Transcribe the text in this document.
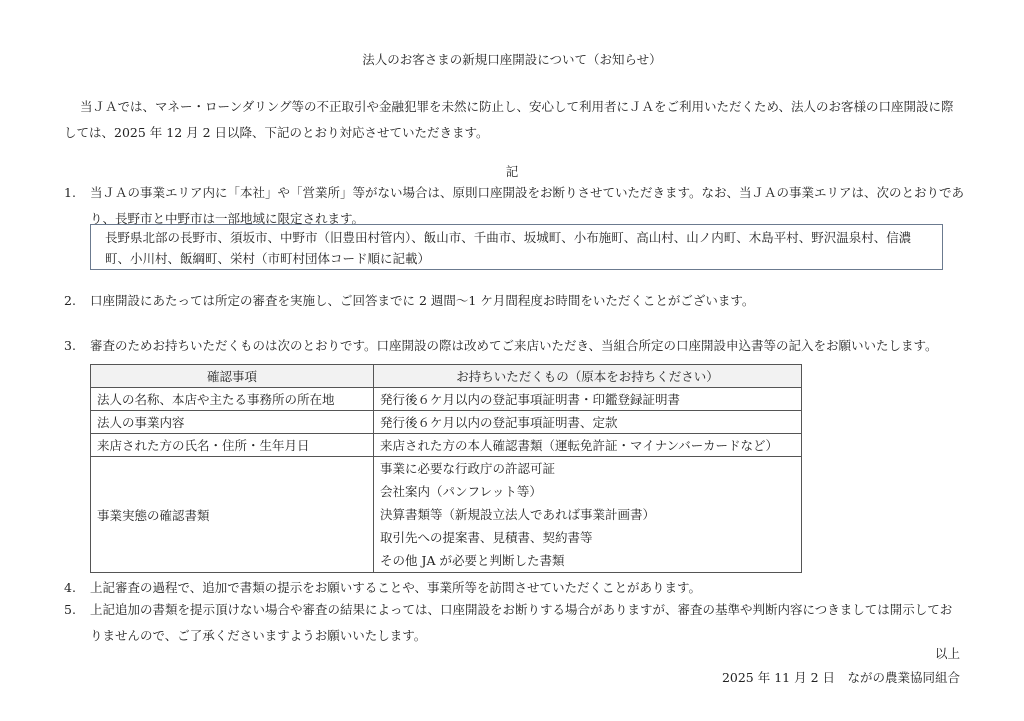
法人のお客さまの新規口座開設について（お知らせ）
当ＪＡでは、マネー・ローンダリング等の不正取引や金融犯罪を未然に防止し、安心して利用者にＪＡをご利用いただくため、法人のお客様の口座開設に際しては、2025 年 12 月 2 日以降、下記のとおり対応させていただきます。
記
1. 当ＪＡの事業エリア内に「本社」や「営業所」等がない場合は、原則口座開設をお断りさせていただきます。なお、当ＪＡの事業エリアは、次のとおりであり、長野市と中野市は一部地域に限定されます。
長野県北部の長野市、須坂市、中野市（旧豊田村管内）、飯山市、千曲市、坂城町、小布施町、高山村、山ノ内町、木島平村、野沢温泉村、信濃町、小川村、飯綱町、栄村（市町村団体コード順に記載）
2. 口座開設にあたっては所定の審査を実施し、ご回答までに 2 週間～1 ケ月間程度お時間をいただくことがございます。
3. 審査のためお持ちいただくものは次のとおりです。口座開設の際は改めてご来店いただき、当組合所定の口座開設申込書等の記入をお願いいたします。
確認事項	お持ちいただくもの（原本をお持ちください）
法人の名称、本店や主たる事務所の所在地	発行後６ケ月以内の登記事項証明書・印鑑登録証明書
法人の事業内容	発行後６ケ月以内の登記事項証明書、定款
来店された方の氏名・住所・生年月日	来店された方の本人確認書類（運転免許証・マイナンバーカードなど）
事業実態の確認書類	事業に必要な行政庁の許認可証
会社案内（パンフレット等）
決算書類等（新規設立法人であれば事業計画書）
取引先への提案書、見積書、契約書等
その他 JA が必要と判断した書類
4. 上記審査の過程で、追加で書類の提示をお願いすることや、事業所等を訪問させていただくことがあります。
5. 上記追加の書類を提示頂けない場合や審査の結果によっては、口座開設をお断りする場合がありますが、審査の基準や判断内容につきましては開示しておりませんので、ご了承くださいますようお願いいたします。
以上
2025 年 11 月 2 日　ながの農業協同組合
